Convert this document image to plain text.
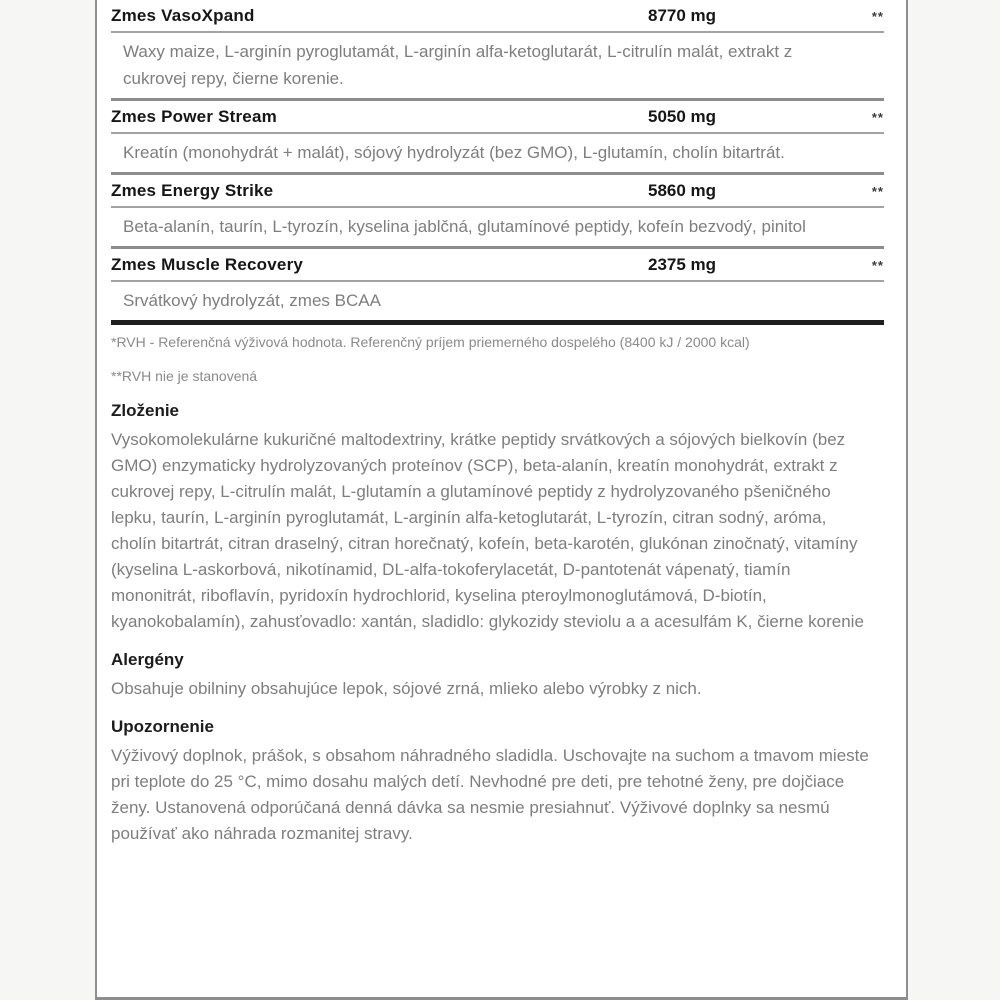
Zmes VasoXpand	8770 mg	**
Waxy maize, L-arginín pyroglutamát, L-arginín alfa-ketoglutarát, L-citrulín malát, extrakt z cukrovej repy, čierne korenie.
Zmes Power Stream	5050 mg	**
Kreatín (monohydrát + malát), sójový hydrolyzát (bez GMO), L-glutamín, cholín bitartrát.
Zmes Energy Strike	5860 mg	**
Beta-alanín, taurín, L-tyrozín, kyselina jablčná, glutamínové peptidy, kofeín bezvodý, pinitol
Zmes Muscle Recovery	2375 mg	**
Srvátkový hydrolyzát, zmes BCAA
*RVH - Referenčná výživová hodnota. Referenčný príjem priemerného dospelého (8400 kJ / 2000 kcal)
**RVH nie je stanovená
Zloženie
Vysokomolekulárne kukuričné maltodextriny, krátke peptidy srvátkových a sójových bielkovín (bez GMO) enzymaticky hydrolyzovaných proteínov (SCP), beta-alanín, kreatín monohydrát, extrakt z cukrovej repy, L-citrulín malát, L-glutamín a glutamínové peptidy z hydrolyzovaného pšeničného lepku, taurín, L-arginín pyroglutamát, L-arginín alfa-ketoglutarát, L-tyrozín, citran sodný, aróma, cholín bitartrát, citran draselný, citran horečnatý, kofeín, beta-karotén, glukónan zinočnatý, vitamíny (kyselina L-askorbová, nikotínamid, DL-alfa-tokoferylacetát, D-pantotenát vápenatý, tiamín mononitrát, riboflavín, pyridoxín hydrochlorid, kyselina pteroylmonoglutámová, D-biotín, kyanokobalamín), zahusťovadlo: xantán, sladidlo: glykozidy steviolu a a acesulfám K, čierne korenie
Alergény
Obsahuje obilniny obsahujúce lepok, sójové zrná, mlieko alebo výrobky z nich.
Upozornenie
Výživový doplnok, prášok, s obsahom náhradného sladidla. Uschovajte na suchom a tmavom mieste pri teplote do 25 °C, mimo dosahu malých detí. Nevhodné pre deti, pre tehotné ženy, pre dojčiace ženy. Ustanovená odporúčaná denná dávka sa nesmie presiahnuť. Výživové doplnky sa nesmú používať ako náhrada rozmanitej stravy.
